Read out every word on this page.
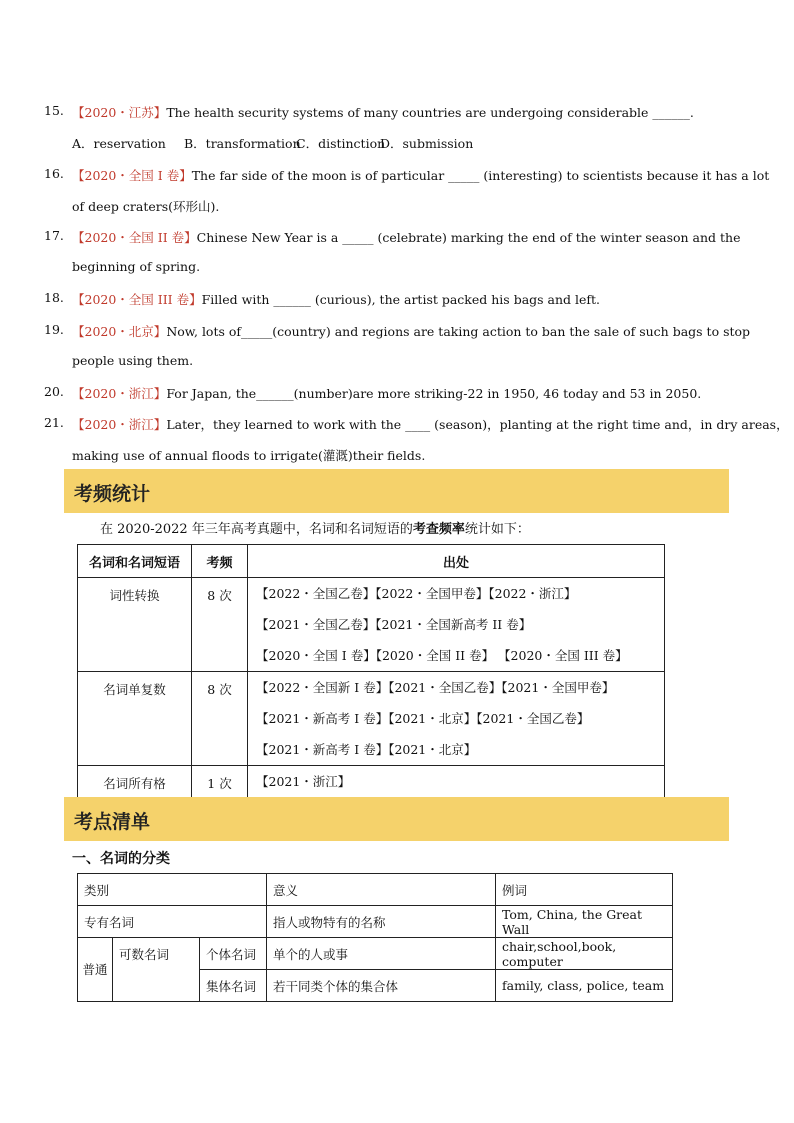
15. 【2020・江苏】The health security systems of many countries are undergoing considerable ______.
A．reservation B．transformationC．distinctionD．submission
16. 【2020・全国 I 卷】The far side of the moon is of particular _____ (interesting) to scientists because it has a lot
of deep craters(环形山).
17. 【2020・全国 II 卷】Chinese New Year is a _____ (celebrate) marking the end of the winter season and the
beginning of spring.
18. 【2020・全国 III 卷】Filled with ______ (curious), the artist packed his bags and left.
19. 【2020・北京】Now, lots of_____(country) and regions are taking action to ban the sale of such bags to stop
people using them.
20. 【2020・浙江】For Japan, the______(number)are more striking-22 in 1950, 46 today and 53 in 2050.
21. 【2020・浙江】Later，they learned to work with the ____ (season)，planting at the right time and，in dry areas，
making use of annual floods to irrigate(灌溉)their fields.
考频统计
在 2020-2022 年三年高考真题中，名词和名词短语的考查频率统计如下：
名词和名词短语	考频	出处
词性转换	8 次	【2022・全国乙卷】【2022・全国甲卷】【2022・浙江】
【2021・全国乙卷】【2021・全国新高考 II 卷】
【2020・全国 I 卷】【2020・全国 II 卷】 【2020・全国 III 卷】

名词单复数	8 次	【2022・全国新 I 卷】【2021・全国乙卷】【2021・全国甲卷】
【2021・新高考 I 卷】【2021・北京】【2021・全国乙卷】
【2021・新高考 I 卷】【2021・北京】

名词所有格	1 次	【2021・浙江】
考点清单
一、名词的分类
类别			意义	例词
专有名词			指人或物特有的名称	Tom, China, the Great Wall
普通	可数名词	个体名词	单个的人或事	chair,school,book, computer
		集体名词	若干同类个体的集合体	family, class, police, team
